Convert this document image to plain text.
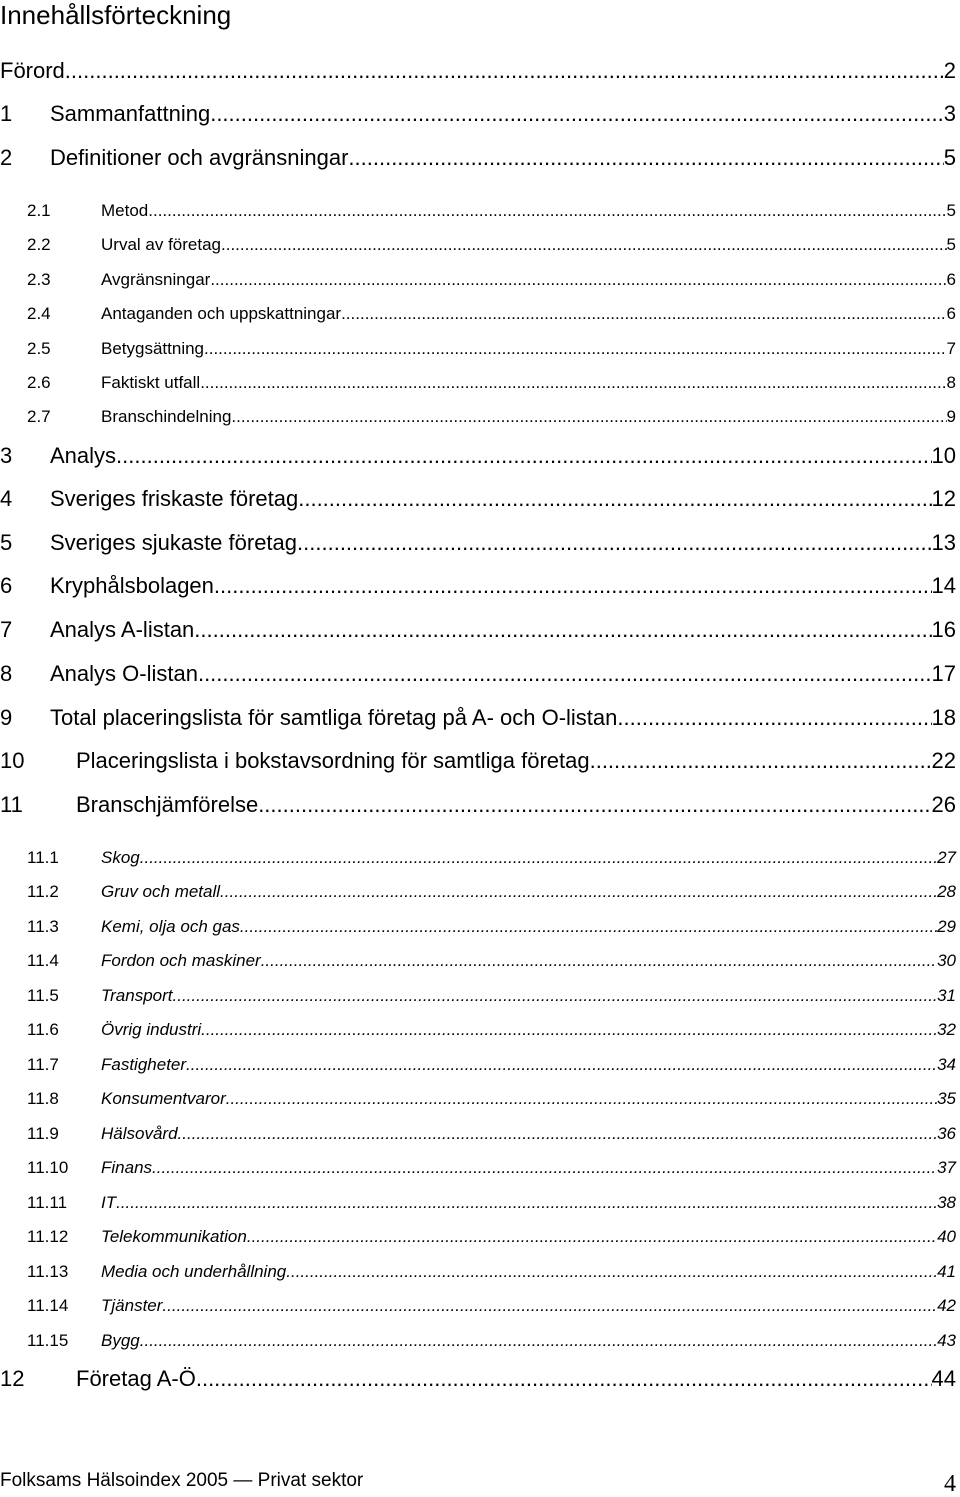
Innehållsförteckning
Förord .....	2
1	Sammanfattning .....	3
2	Definitioner och avgränsningar .....	5
2.1	Metod .....	5
2.2	Urval av företag .....	5
2.3	Avgränsningar .....	6
2.4	Antaganden och uppskattningar .....	6
2.5	Betygsättning .....	7
2.6	Faktiskt utfall .....	8
2.7	Branschindelning .....	9
3	Analys .....	10
4	Sveriges friskaste företag .....	12
5	Sveriges sjukaste företag .....	13
6	Kryphålsbolagen .....	14
7	Analys A-listan .....	16
8	Analys O-listan .....	17
9	Total placeringslista för samtliga företag på A- och O-listan .....	18
10	Placeringslista i bokstavsordning för samtliga företag .....	22
11	Branschjämförelse .....	26
11.1	Skog .....	27
11.2	Gruv och metall .....	28
11.3	Kemi, olja och gas .....	29
11.4	Fordon och maskiner .....	30
11.5	Transport .....	31
11.6	Övrig industri .....	32
11.7	Fastigheter .....	34
11.8	Konsumentvaror .....	35
11.9	Hälsovård .....	36
11.10	Finans .....	37
11.11	IT .....	38
11.12	Telekommunikation .....	40
11.13	Media och underhållning .....	41
11.14	Tjänster .....	42
11.15	Bygg .....	43
12	Företag A-Ö .....	44
Folksams Hälsoindex 2005 — Privat sektor	4
